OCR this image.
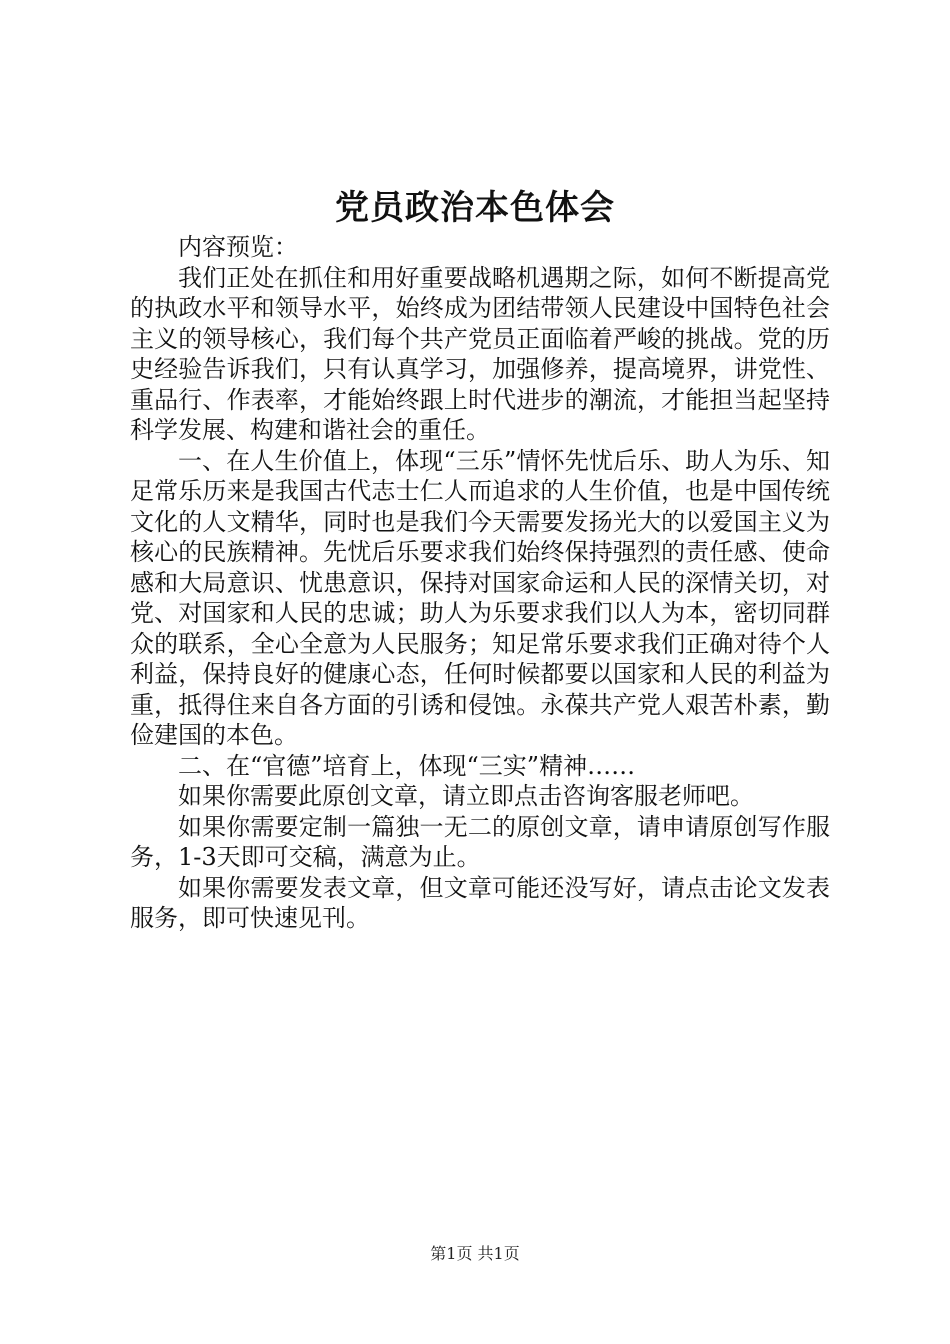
党员政治本色体会

内容预览：

我们正处在抓住和用好重要战略机遇期之际，如何不断提高党的执政水平和领导水平，始终成为团结带领人民建设中国特色社会主义的领导核心，我们每个共产党员正面临着严峻的挑战。党的历史经验告诉我们，只有认真学习，加强修养，提高境界，讲党性、重品行、作表率，才能始终跟上时代进步的潮流，才能担当起坚持科学发展、构建和谐社会的重任。

一、在人生价值上，体现“三乐”情怀先忧后乐、助人为乐、知足常乐历来是我国古代志士仁人而追求的人生价值，也是中国传统文化的人文精华，同时也是我们今天需要发扬光大的以爱国主义为核心的民族精神。先忧后乐要求我们始终保持强烈的责任感、使命感和大局意识、忧患意识，保持对国家命运和人民的深情关切，对党、对国家和人民的忠诚；助人为乐要求我们以人为本，密切同群众的联系，全心全意为人民服务；知足常乐要求我们正确对待个人利益，保持良好的健康心态，任何时候都要以国家和人民的利益为重，抵得住来自各方面的引诱和侵蚀。永葆共产党人艰苦朴素，勤俭建国的本色。

二、在“官德”培育上，体现“三实”精神……

如果你需要此原创文章，请立即点击咨询客服老师吧。

如果你需要定制一篇独一无二的原创文章，请申请原创写作服务，1-3天即可交稿，满意为止。

如果你需要发表文章，但文章可能还没写好，请点击论文发表服务，即可快速见刊。

第1页 共1页
